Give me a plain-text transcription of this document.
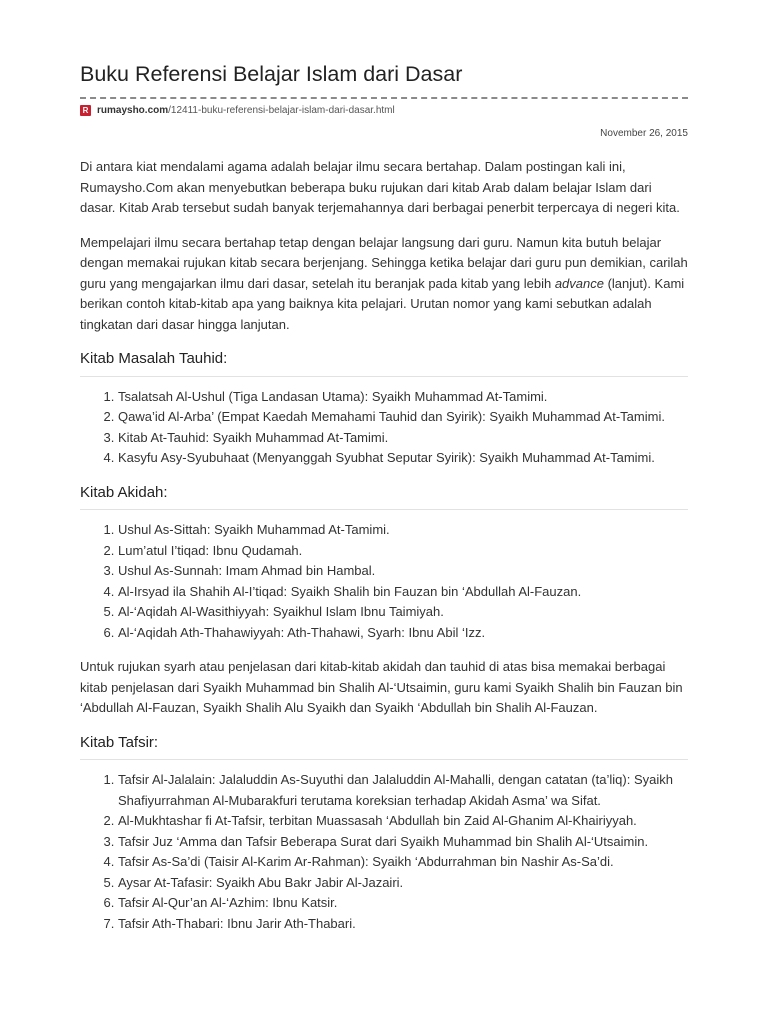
Buku Referensi Belajar Islam dari Dasar
R rumaysho.com /12411-buku-referensi-belajar-islam-dari-dasar.html
November 26, 2015

Di antara kiat mendalami agama adalah belajar ilmu secara bertahap. Dalam postingan kali ini, Rumaysho.Com akan menyebutkan beberapa buku rujukan dari kitab Arab dalam belajar Islam dari dasar. Kitab Arab tersebut sudah banyak terjemahannya dari berbagai penerbit terpercaya di negeri kita.

Mempelajari ilmu secara bertahap tetap dengan belajar langsung dari guru. Namun kita butuh belajar dengan memakai rujukan kitab secara berjenjang. Sehingga ketika belajar dari guru pun demikian, carilah guru yang mengajarkan ilmu dari dasar, setelah itu beranjak pada kitab yang lebih advance (lanjut). Kami berikan contoh kitab-kitab apa yang baiknya kita pelajari. Urutan nomor yang kami sebutkan adalah tingkatan dari dasar hingga lanjutan.

Kitab Masalah Tauhid:
1. Tsalatsah Al-Ushul (Tiga Landasan Utama): Syaikh Muhammad At-Tamimi.
2. Qawa’id Al-Arba’ (Empat Kaedah Memahami Tauhid dan Syirik): Syaikh Muhammad At-Tamimi.
3. Kitab At-Tauhid: Syaikh Muhammad At-Tamimi.
4. Kasyfu Asy-Syubuhaat (Menyanggah Syubhat Seputar Syirik): Syaikh Muhammad At-Tamimi.
Kitab Akidah:
1. Ushul As-Sittah: Syaikh Muhammad At-Tamimi.
2. Lum’atul I’tiqad: Ibnu Qudamah.
3. Ushul As-Sunnah: Imam Ahmad bin Hambal.
4. Al-Irsyad ila Shahih Al-I’tiqad: Syaikh Shalih bin Fauzan bin ‘Abdullah Al-Fauzan.
5. Al-‘Aqidah Al-Wasithiyyah: Syaikhul Islam Ibnu Taimiyah.
6. Al-‘Aqidah Ath-Thahawiyyah: Ath-Thahawi, Syarh: Ibnu Abil ‘Izz.

Untuk rujukan syarh atau penjelasan dari kitab-kitab akidah dan tauhid di atas bisa memakai berbagai kitab penjelasan dari Syaikh Muhammad bin Shalih Al-‘Utsaimin, guru kami Syaikh Shalih bin Fauzan bin ‘Abdullah Al-Fauzan, Syaikh Shalih Alu Syaikh dan Syaikh ‘Abdullah bin Shalih Al-Fauzan.

Kitab Tafsir:
1. Tafsir Al-Jalalain: Jalaluddin As-Suyuthi dan Jalaluddin Al-Mahalli, dengan catatan (ta’liq): Syaikh Shafiyurrahman Al-Mubarakfuri terutama koreksian terhadap Akidah Asma’ wa Sifat.
2. Al-Mukhtashar fi At-Tafsir, terbitan Muassasah ‘Abdullah bin Zaid Al-Ghanim Al-Khairiyyah.
3. Tafsir Juz ‘Amma dan Tafsir Beberapa Surat dari Syaikh Muhammad bin Shalih Al-‘Utsaimin.
4. Tafsir As-Sa’di (Taisir Al-Karim Ar-Rahman): Syaikh ‘Abdurrahman bin Nashir As-Sa’di.
5. Aysar At-Tafasir: Syaikh Abu Bakr Jabir Al-Jazairi.
6. Tafsir Al-Qur’an Al-‘Azhim: Ibnu Katsir.
7. Tafsir Ath-Thabari: Ibnu Jarir Ath-Thabari.
